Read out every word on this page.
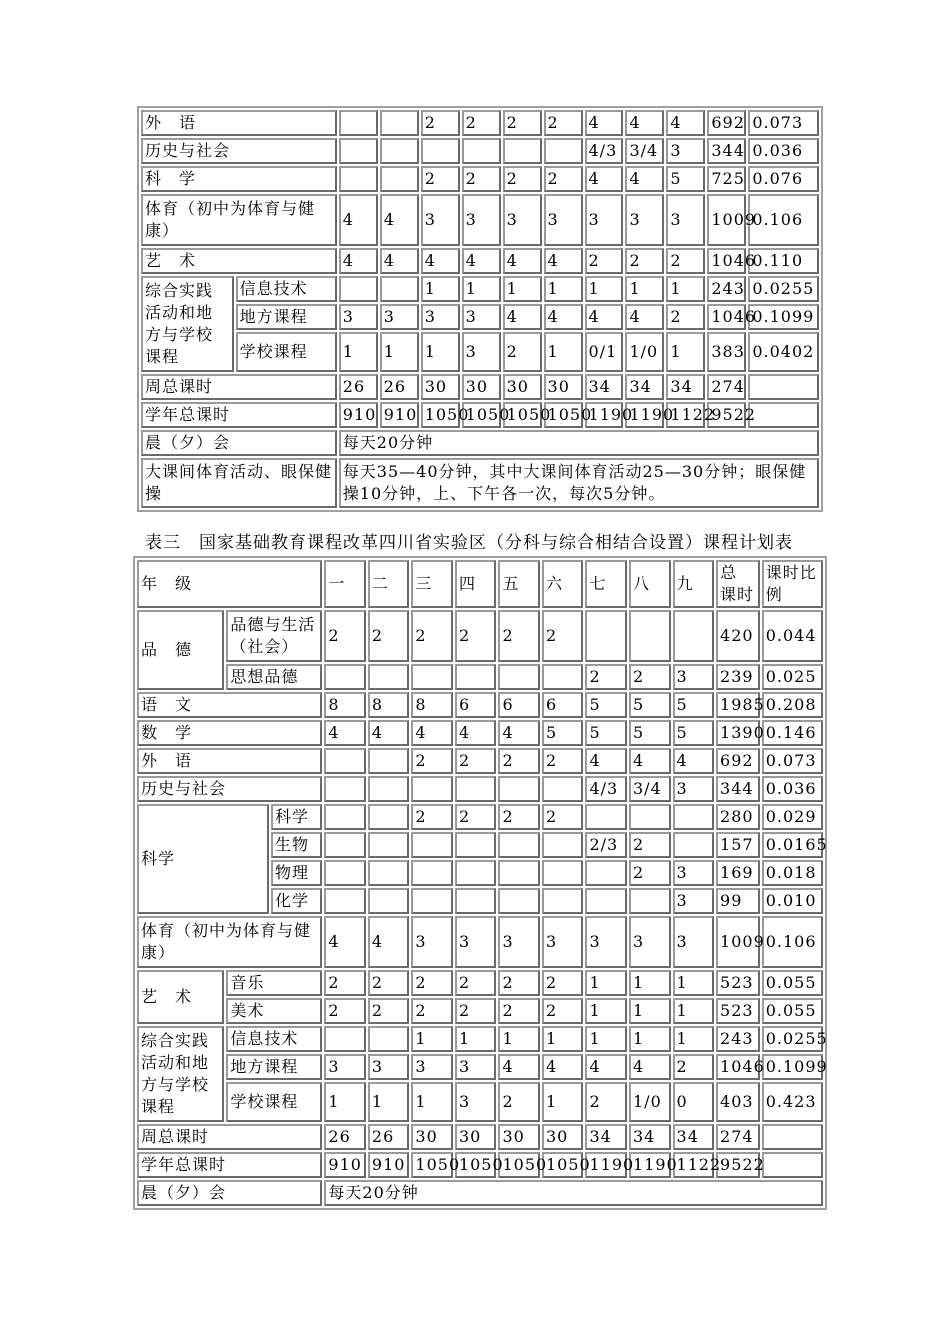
外　语				2	2	2	2	4	4	4	692	0.073
历史与社会								4/3	3/4	3	344	0.036
科　学				2	2	2	2	4	4	5	725	0.076
体育（初中为体育与健康）		4	4	3	3	3	3	3	3	3	1009	0.106
艺　术		4	4	4	4	4	4	2	2	2	1046	0.110
综合实践活动和地方与学校课程	信息技术			1	1	1	1	1	1	1	243	0.0255
	地方课程	3	3	3	3	4	4	4	4	2	1046	0.1099
	学校课程	1	1	1	3	2	1	0/1	1/0	1	383	0.0402
周总课时		26	26	30	30	30	30	34	34	34	274	
学年总课时		910	910	1050	1050	1050	1050	1190	1190	1122	9522	
晨（夕）会		每天20分钟										
大课间体育活动、眼保健操		每天35—40分钟，其中大课间体育活动25—30分钟；眼保健操10分钟，上、下午各一次，每次5分钟。										
表三　国家基础教育课程改革四川省实验区（分科与综合相结合设置）课程计划表
年　级			一	二	三	四	五	六	七	八	九	总 课时	课时比例
品　德	品德与生活（社会）		2	2	2	2	2	2				420	0.044
	思想品德								2	2	3	239	0.025
语　文			8	8	8	6	6	6	5	5	5	1985	0.208
数　学			4	4	4	4	4	5	5	5	5	1390	0.146
外　语					2	2	2	2	4	4	4	692	0.073
历史与社会									4/3	3/4	3	344	0.036
科学		科学			2	2	2	2				280	0.029
		生物							2/3	2		157	0.0165
		物理								2	3	169	0.018
		化学									3	99	0.010
体育（初中为体育与健康）			4	4	3	3	3	3	3	3	3	1009	0.106
艺　术	音乐		2	2	2	2	2	2	1	1	1	523	0.055
	美术		2	2	2	2	2	2	1	1	1	523	0.055
综合实践活动和地方与学校课程	信息技术				1	1	1	1	1	1	1	243	0.0255
	地方课程		3	3	3	3	4	4	4	4	2	1046	0.1099
	学校课程		1	1	1	3	2	1	2	1/0	0	403	0.423
周总课时			26	26	30	30	30	30	34	34	34	274	
学年总课时			910	910	1050	1050	1050	1050	1190	1190	1122	9522	
晨（夕）会			每天20分钟										
